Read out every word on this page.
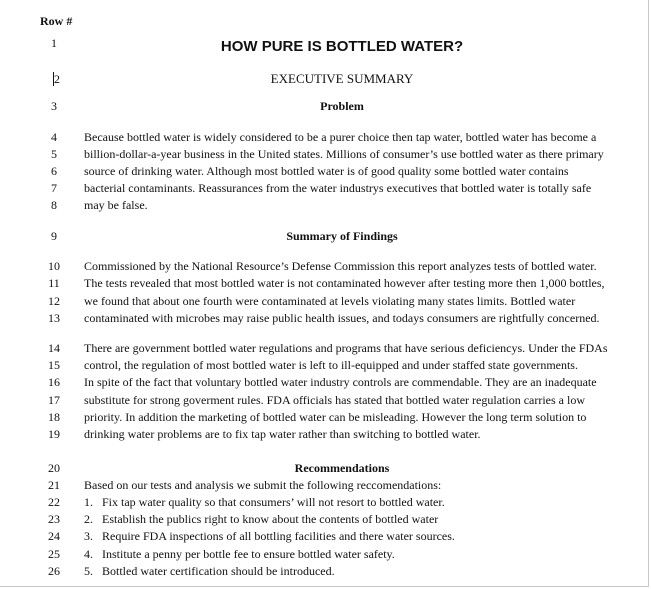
Row #
1
2
3
4
5
6
7
8
9
10
11
12
13
14
15
16
17
18
19
20
21
22
23
24
25
26
HOW PURE IS BOTTLED WATER?
EXECUTIVE SUMMARY
Problem
Because bottled water is widely considered to be a purer choice then tap water, bottled water has become a
billion-dollar-a-year business in the United states. Millions of consumer’s use bottled water as there primary
source of drinking water. Although most bottled water is of good quality some bottled water contains
bacterial contaminants. Reassurances from the water industrys executives that bottled water is totally safe
may be false.
Summary of Findings
Commissioned by the National Resource’s Defense Commission this report analyzes tests of bottled water.
The tests revealed that most bottled water is not contaminated however after testing more then 1,000 bottles,
we found that about one fourth were contaminated at levels violating many states limits. Bottled water
contaminated with microbes may raise public health issues, and todays consumers are rightfully concerned.
There are government bottled water regulations and programs that have serious deficiencys. Under the FDAs
control, the regulation of most bottled water is left to ill-equipped and under staffed state governments.
In spite of the fact that voluntary bottled water industry controls are commendable. They are an inadequate
substitute for strong goverment rules. FDA officials has stated that bottled water regulation carries a low
priority. In addition the marketing of bottled water can be misleading. However the long term solution to
drinking water problems are to fix tap water rather than switching to bottled water.
Recommendations
Based on our tests and analysis we submit the following reccomendations:
1. Fix tap water quality so that consumers’ will not resort to bottled water.
2. Establish the publics right to know about the contents of bottled water
3. Require FDA inspections of all bottling facilities and there water sources.
4. Institute a penny per bottle fee to ensure bottled water safety.
5. Bottled water certification should be introduced.
